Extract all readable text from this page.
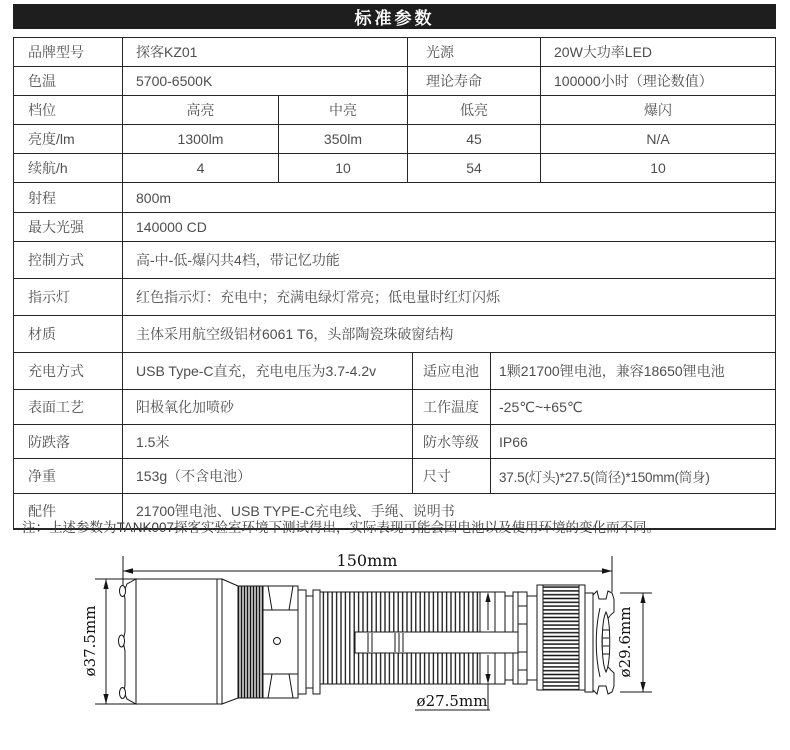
标准参数
品牌型号	探客KZ01	光源	20W大功率LED
色温	5700-6500K	理论寿命	100000小时（理论数值）
档位	高亮	中亮	低亮	爆闪
亮度/lm	1300lm	350lm	45	N/A
续航/h	4	10	54	10
射程	800m
最大光强	140000 CD
控制方式	高-中-低-爆闪共4档，带记忆功能
指示灯	红色指示灯：充电中；充满电绿灯常亮；低电量时红灯闪烁
材质	主体采用航空级铝材6061 T6，头部陶瓷珠破窗结构
充电方式	USB Type-C直充，充电电压为3.7-4.2v	适应电池	1颗21700锂电池，兼容18650锂电池
表面工艺	阳极氧化加喷砂	工作温度	-25℃~+65℃
防跌落	1.5米	防水等级	IP66
净重	153g（不含电池）	尺寸	37.5(灯头)*27.5(筒径)*150mm(筒身)
配件	21700锂电池、USB TYPE-C充电线、手绳、说明书
注：上述参数为TANK007探客实验室环境下测试得出，实际表现可能会因电池以及使用环境的变化而不同。
150mm
ø37.5mm
ø27.5mm
ø29.6mm
